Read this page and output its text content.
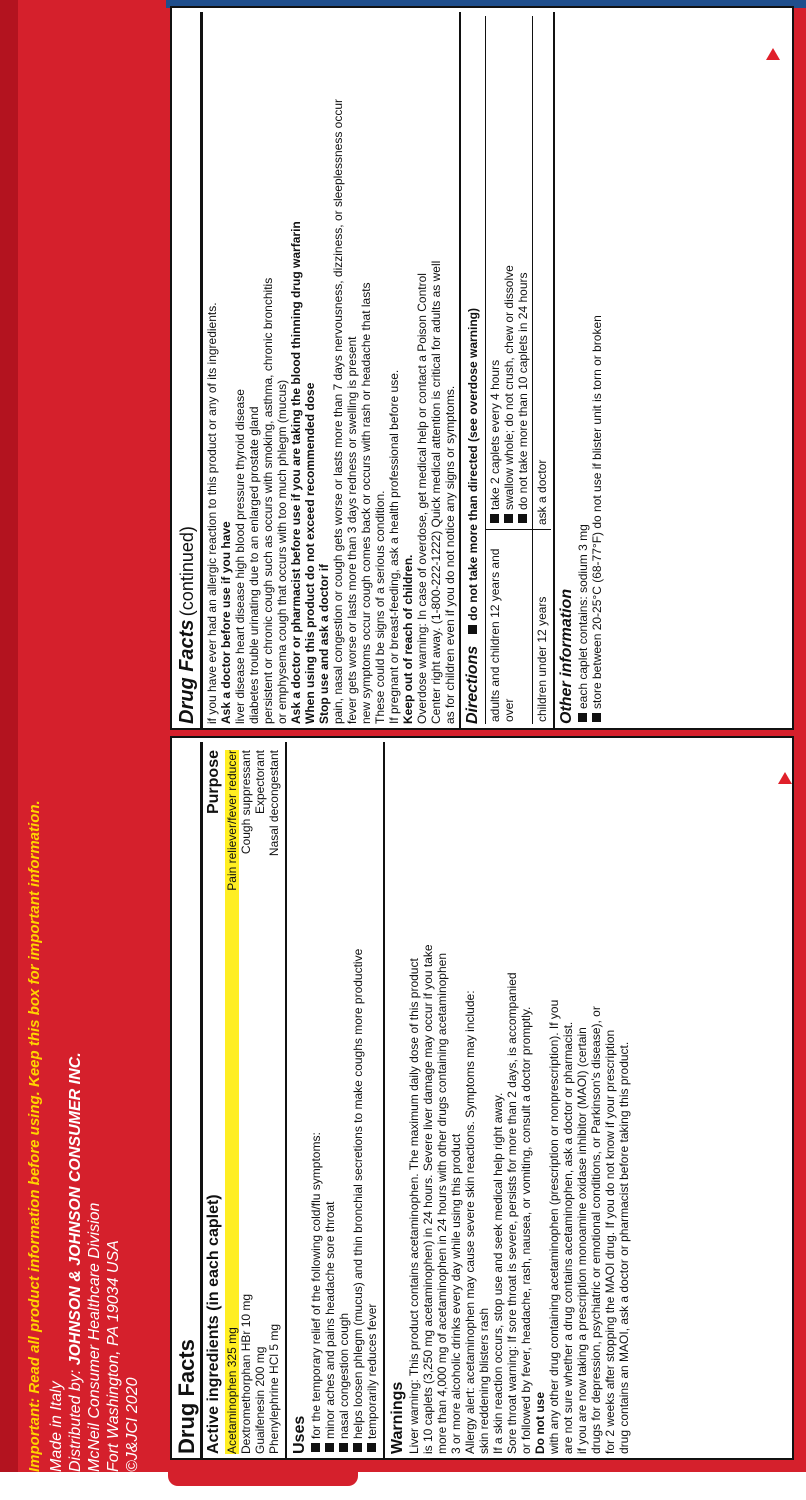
Important: Read all product information before using. Keep this box for important information. Made in Italy Distributed by: JOHNSON & JOHNSON CONSUMER INC. McNeil Consumer Healthcare Division Fort Washington, PA 19034 USA ©J&JCI 2020 Drug Facts Active ingredients (in each caplet)
Purpose
Acetaminophen 325 mg
Pain reliever/fever reducer
Dextromethorphan HBr 10 mg
Cough suppressant
Guaifenesin 200 mg
Expectorant
Phenylephrine HCl 5 mg
Nasal decongestant
Uses for the temporary relief of the following cold/flu symptoms: minor aches and pains headache sore throat nasal congestion cough helps loosen phlegm (mucus) and thin bronchial secretions to make coughs more productive temporarily reduces fever Warnings Liver warning: This product contains acetaminophen. The maximum daily dose of this product is 10 caplets (3,250 mg acetaminophen) in 24 hours. Severe liver damage may occur if you take more than 4,000 mg of acetaminophen in 24 hours with other drugs containing acetaminophen 3 or more alcoholic drinks every day while using this product Allergy alert: acetaminophen may cause severe skin reactions. Symptoms may include: skin reddening blisters rash If a skin reaction occurs, stop use and seek medical help right away. Sore throat warning: If sore throat is severe, persists for more than 2 days, is accompanied or followed by fever, headache, rash, nausea, or vomiting, consult a doctor promptly. Do not use with any other drug containing acetaminophen (prescription or nonprescription). If you are not sure whether a drug contains acetaminophen, ask a doctor or pharmacist. if you are now taking a prescription monoamine oxidase inhibitor (MAOI) (certain drugs for depression, psychiatric or emotional conditions, or Parkinson's disease), or for 2 weeks after stopping the MAOI drug. If you do not know if your prescription drug contains an MAOI, ask a doctor or pharmacist before taking this product.
Drug Facts (continued) if you have ever had an allergic reaction to this product or any of its ingredients. Ask a doctor before use if you have liver disease heart disease high blood pressure thyroid disease diabetes trouble urinating due to an enlarged prostate gland persistent or chronic cough such as occurs with smoking, asthma, chronic bronchitis or emphysema cough that occurs with too much phlegm (mucus) Ask a doctor or pharmacist before use if you are taking the blood thinning drug warfarin When using this product do not exceed recommended dose Stop use and ask a doctor if pain, nasal congestion or cough gets worse or lasts more than 7 days nervousness, dizziness, or sleeplessness occur fever gets worse or lasts more than 3 days redness or swelling is present new symptoms occur cough comes back or occurs with rash or headache that lasts These could be signs of a serious condition. If pregnant or breast-feeding, ask a health professional before use. Keep out of reach of children. Overdose warning: In case of overdose, get medical help or contact a Poison Control Center right away. (1-800-222-1222) Quick medical attention is critical for adults as well as for children even if you do not notice any signs or symptoms. Directions   do not take more than directed (see overdose warning)
adults and children 12 years and over
take 2 caplets every 4 hours swallow whole; do not crush, chew or dissolve do not take more than 10 caplets in 24 hours
children under 12 years
ask a doctor
Other information each caplet contains: sodium 3 mg store between 20-25°C (68-77°F) do not use if blister unit is torn or broken
